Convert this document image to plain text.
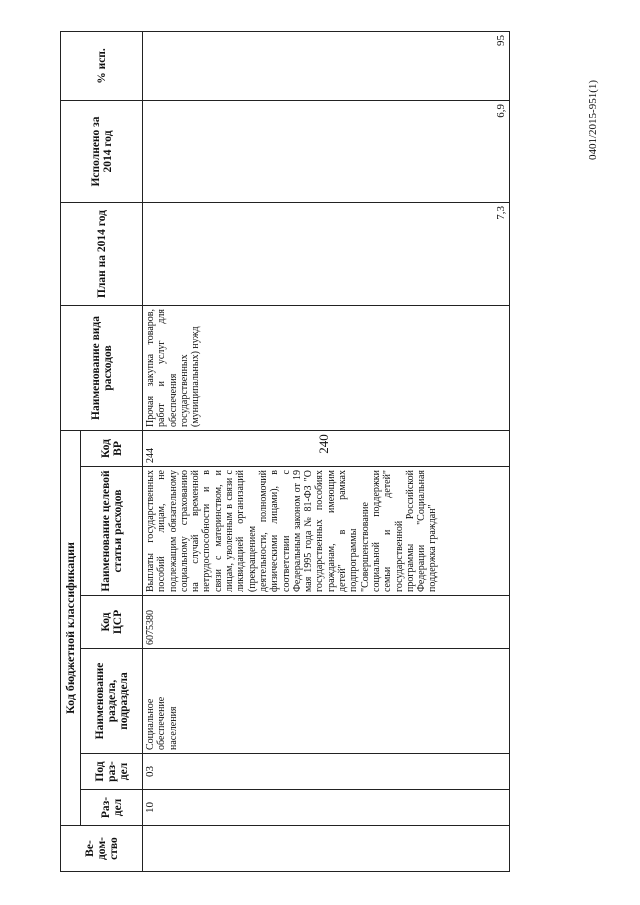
240
0401/2015-951(1)
Ве-дом-ство	Код бюджетной классификации						Наименование вида расходов	План на 2014 год	Исполнено за 2014 год	% исп.
	Раз-дел	Под раз-дел	Наименование раздела, подраздела	Код ЦСР	Наименование целевой статьи расходов	Код ВР				
	10	03	Социальное обеспечение населения	6075380	Выплаты государственных пособий лицам, не подлежащим обязательному социальному страхованию на случай временной нетрудоспособности и в связи с материнством, и лицам, уволенным в связи с ликвидацией организаций (прекращением деятельности, полномочий физическими лицами), в соответствии с Федеральным законом от 19 мая 1995 года № 81-ФЗ "О государственных пособиях гражданам, имеющим детей" в рамках подпрограммы "Совершенствование социальной поддержки семьи и детей" государственной программы Российской Федерации "Социальная поддержка граждан"	244	Прочая закупка товаров, работ и услуг для обеспечения государственных (муниципальных) нужд	7,3	6,9	95
